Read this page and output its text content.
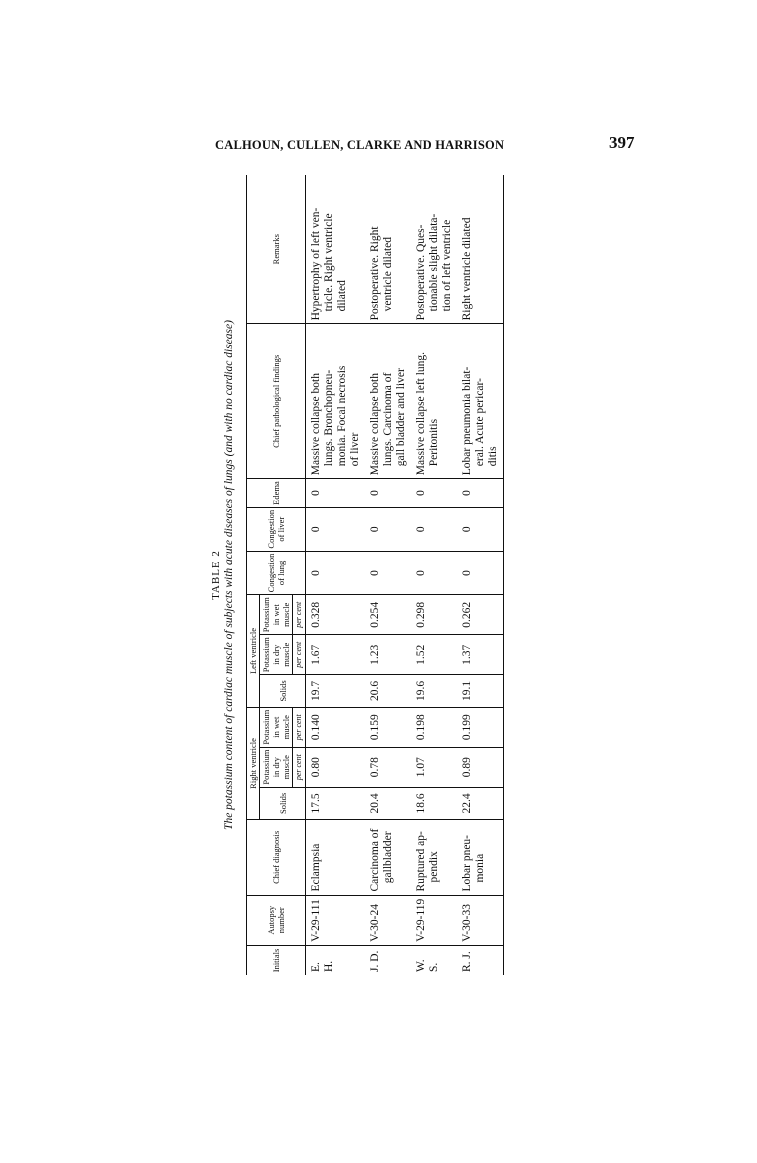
CALHOUN, CULLEN, CLARKE AND HARRISON	397
TABLE 2 The potassium content of cardiac muscle of subjects with acute diseases of lungs (and with no cardiac disease)
Initials	Autopsy number	Chief diagnosis	Right ventricle			Left ventricle			Congestion of lung	Congestion of liver	Edema	Chief pathological findings	Remarks
			Solids	Potassium in dry muscle	Potassium in wet muscle	Solids	Potassium in dry muscle	Potassium in wet muscle					
				per cent	per cent		per cent	per cent					
E. H.	V-29-111	Eclampsia	17.5	0.80	0.140	19.7	1.67	0.328	0	0	0	Massive collapse both lungs. Bronchopneu- monia. Focal necrosis of liver	Hypertrophy of left ven- tricle. Right ventricle dilated

J. D.	V-30-24	Carcinoma of gallbladder	20.4	0.78	0.159	20.6	1.23	0.254	0	0	0	Massive collapse both lungs. Carcinoma of gall bladder and liver	Postoperative. Right ventricle dilated

W. S.	V-29-119	Ruptured ap- pendix	18.6	1.07	0.198	19.6	1.52	0.298	0	0	0	Massive collapse left lung. Peritonitis	Postoperative. Ques- tionable slight dilata- tion of left ventricle

R. J.	V-30-33	Lobar pneu- monia	22.4	0.89	0.199	19.1	1.37	0.262	0	0	0	Lobar pneumonia bilat- eral. Acute pericar- ditis	Right ventricle dilated
